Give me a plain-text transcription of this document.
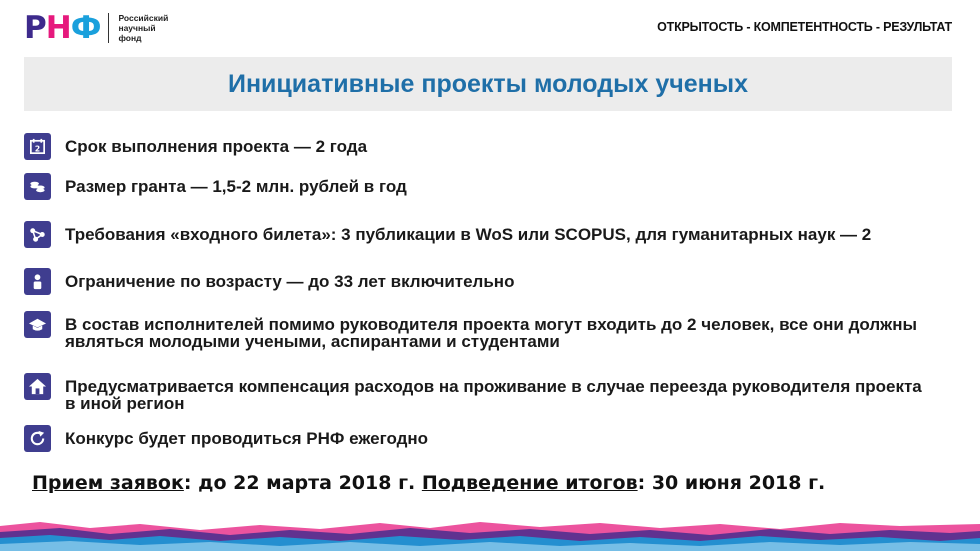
РНФ Российский
научный
фонд
ОТКРЫТОСТЬ - КОМПЕТЕНТНОСТЬ - РЕЗУЛЬТАТ
Инициативные проекты молодых ученых
2 Срок выполнения проекта — 2 года
Размер гранта — 1,5-2 млн. рублей в год
Требования «входного билета»: 3 публикации в WoS или SCOPUS, для гуманитарных наук — 2
Ограничение по возрасту — до 33 лет включительно
В состав исполнителей помимо руководителя проекта могут входить до 2 человек, все они должны
являться молодыми учеными, аспирантами и студентами
Предусматривается компенсация расходов на проживание в случае переезда руководителя проекта
в иной регион
Конкурс будет проводиться РНФ ежегодно
Прием заявок: до 22 марта 2018 г. Подведение итогов: 30 июня 2018 г.
